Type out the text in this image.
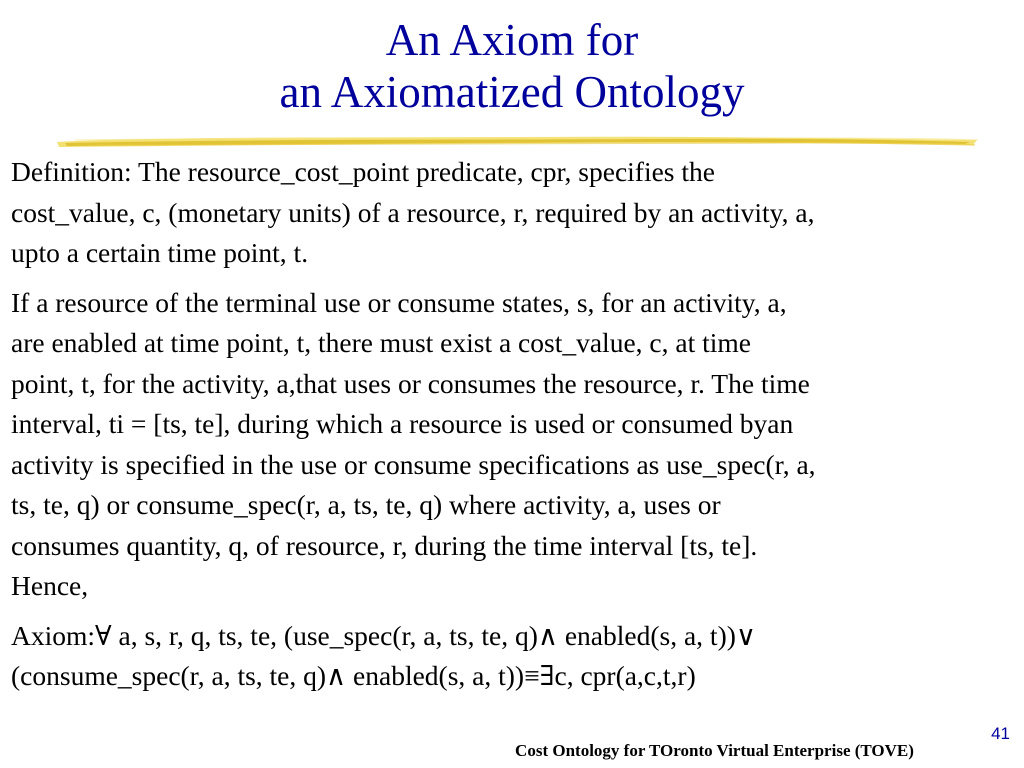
An Axiom for
an Axiomatized Ontology
Definition: The resource_cost_point predicate, cpr, specifies the
cost_value, c, (monetary units) of a resource, r, required by an activity, a,
upto a certain time point, t.
If a resource of the terminal use or consume states, s, for an activity, a,
are enabled at time point, t, there must exist a cost_value, c, at time
point, t, for the activity, a,that uses or consumes the resource, r. The time
interval, ti = [ts, te], during which a resource is used or consumed byan
activity is specified in the use or consume specifications as use_spec(r, a,
ts, te, q) or consume_spec(r, a, ts, te, q) where activity, a, uses or
consumes quantity, q, of resource, r, during the time interval [ts, te].
Hence,
Axiom:∀ a, s, r, q, ts, te, (use_spec(r, a, ts, te, q)∧ enabled(s, a, t))∨
(consume_spec(r, a, ts, te, q)∧ enabled(s, a, t))≡∃c, cpr(a,c,t,r)
41
Cost Ontology for TOronto Virtual Enterprise (TOVE)
